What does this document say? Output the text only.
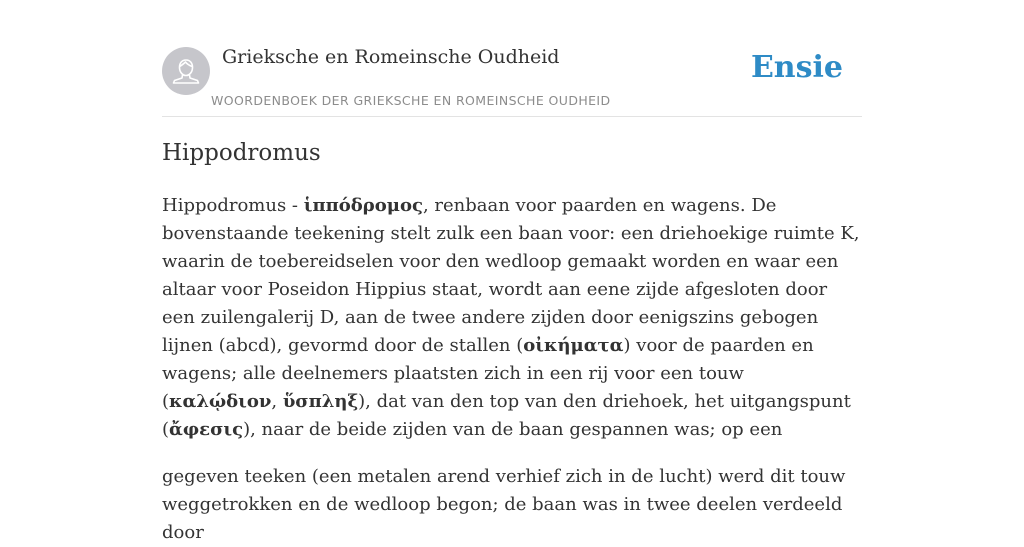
Grieksche en Romeinsche Oudheid
WOORDENBOEK DER GRIEKSCHE EN ROMEINSCHE OUDHEID
Ensie
Hippodromus

Hippodromus - ἱππόδρομος, renbaan voor paarden en wagens. De bovenstaande teekening stelt zulk een baan voor: een driehoekige ruimte K, waarin de toebereidselen voor den wedloop gemaakt worden en waar een altaar voor Poseidon Hippius staat, wordt aan eene zijde afgesloten door een zuilengalerij D, aan de twee andere zijden door eenigszins gebogen lijnen (abcd), gevormd door de stallen (οἰκήματα) voor de paarden en wagens; alle deelnemers plaatsten zich in een rij voor een touw (καλῴδιον, ὕσπληξ), dat van den top van den driehoek, het uitgangspunt (ἄφεσις), naar de beide zijden van de baan gespannen was; op een

gegeven teeken (een metalen arend verhief zich in de lucht) werd dit touw weggetrokken en de wedloop begon; de baan was in twee deelen verdeeld door
